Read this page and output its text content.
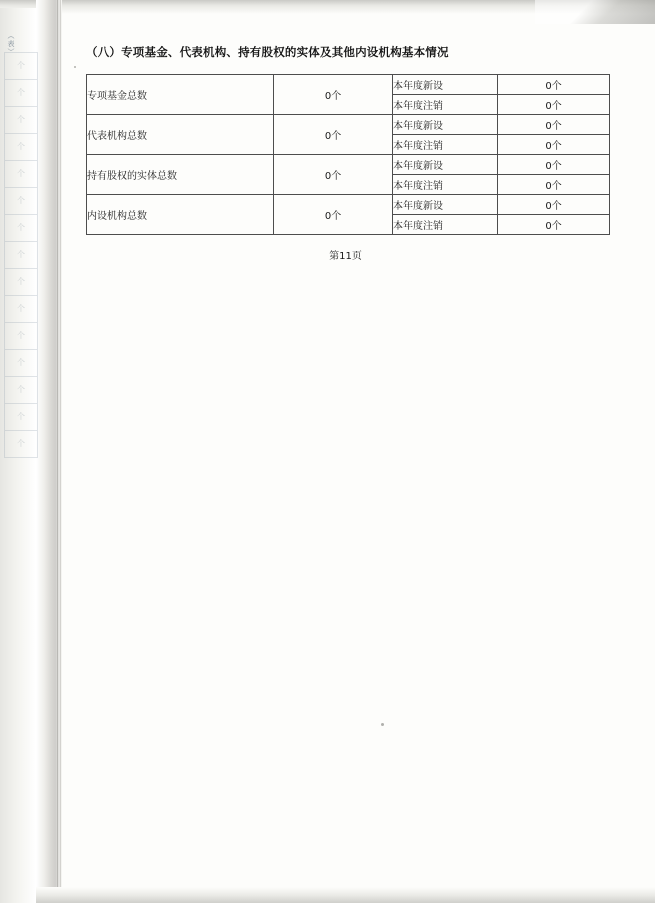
个
个
个
个
个
个
个
个
个
个
个
个
个
个
个
（表）	（八）专项基金、代表机构、持有股权的实体及其他内设机构基本情况
专项基金总数	0个	本年度新设	0个
		本年度注销	0个
代表机构总数	0个	本年度新设	0个
		本年度注销	0个
持有股权的实体总数	0个	本年度新设	0个
		本年度注销	0个
内设机构总数	0个	本年度新设	0个
		本年度注销	0个
第11页
